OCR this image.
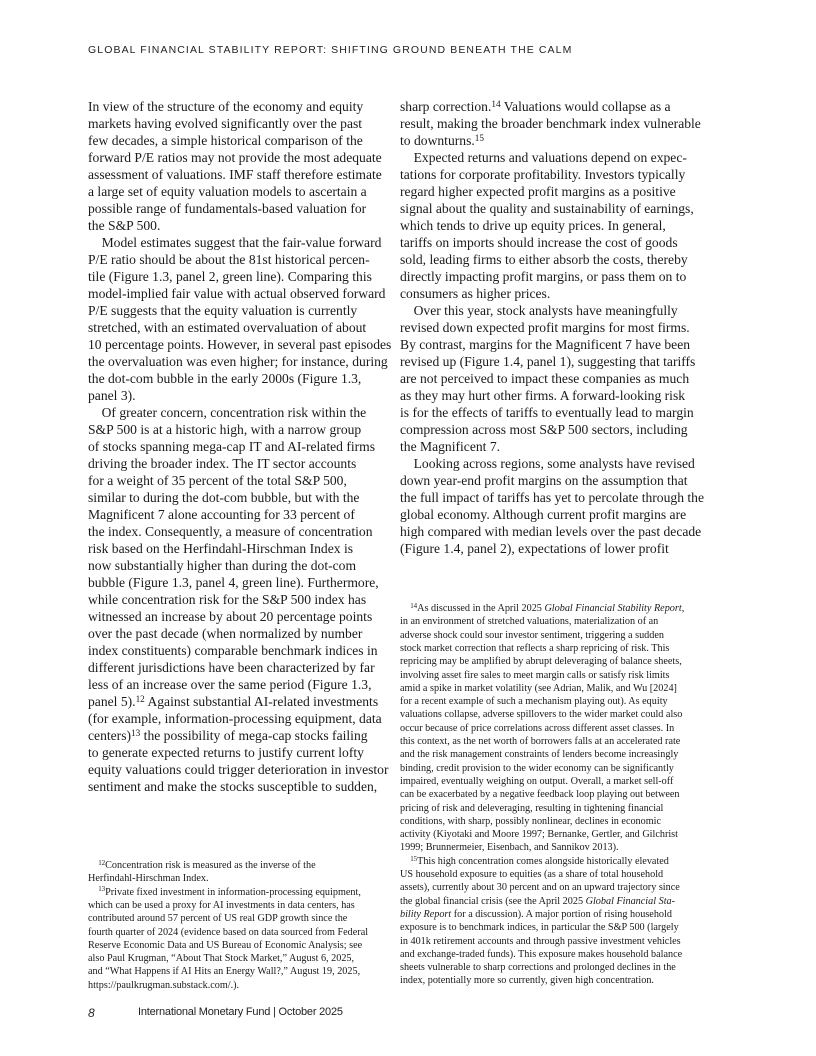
GLOBAL FINANCIAL STABILITY REPORT: SHIFTING GROUND BENEATH THE CALM
In view of the structure of the economy and equity
markets having evolved significantly over the past
few decades, a simple historical comparison of the
forward P/E ratios may not provide the most adequate
assessment of valuations. IMF staff therefore estimate
a large set of equity valuation models to ascertain a
possible range of fundamentals-based valuation for
the S&P 500.
 Model estimates suggest that the fair-value forward
P/E ratio should be about the 81st historical percen-
tile (Figure 1.3, panel 2, green line). Comparing this
model-implied fair value with actual observed forward
P/E suggests that the equity valuation is currently
stretched, with an estimated overvaluation of about
10 percentage points. However, in several past episodes
the overvaluation was even higher; for instance, during
the dot-com bubble in the early 2000s (Figure 1.3,
panel 3).
 Of greater concern, concentration risk within the
S&P 500 is at a historic high, with a narrow group
of stocks spanning mega-cap IT and AI-related firms
driving the broader index. The IT sector accounts
for a weight of 35 percent of the total S&P 500,
similar to during the dot-com bubble, but with the
Magnificent 7 alone accounting for 33 percent of
the index. Consequently, a measure of concentration
risk based on the Herfindahl-Hirschman Index is
now substantially higher than during the dot-com
bubble (Figure 1.3, panel 4, green line). Furthermore,
while concentration risk for the S&P 500 index has
witnessed an increase by about 20 percentage points
over the past decade (when normalized by number
index constituents) comparable benchmark indices in
different jurisdictions have been characterized by far
less of an increase over the same period (Figure 1.3,
panel 5).$^{12}$ Against substantial AI-related investments
(for example, information-processing equipment, data
centers)$^{13}$ the possibility of mega-cap stocks failing
to generate expected returns to justify current lofty
equity valuations could trigger deterioration in investor
sentiment and make the stocks susceptible to sudden,
sharp correction.$^{14}$ Valuations would collapse as a
result, making the broader benchmark index vulnerable
to downturns.$^{15}$
 Expected returns and valuations depend on expec-
tations for corporate profitability. Investors typically
regard higher expected profit margins as a positive
signal about the quality and sustainability of earnings,
which tends to drive up equity prices. In general,
tariffs on imports should increase the cost of goods
sold, leading firms to either absorb the costs, thereby
directly impacting profit margins, or pass them on to
consumers as higher prices.
 Over this year, stock analysts have meaningfully
revised down expected profit margins for most firms.
By contrast, margins for the Magnificent 7 have been
revised up (Figure 1.4, panel 1), suggesting that tariffs
are not perceived to impact these companies as much
as they may hurt other firms. A forward-looking risk
is for the effects of tariffs to eventually lead to margin
compression across most S&P 500 sectors, including
the Magnificent 7.
 Looking across regions, some analysts have revised
down year-end profit margins on the assumption that
the full impact of tariffs has yet to percolate through the
global economy. Although current profit margins are
high compared with median levels over the past decade
(Figure 1.4, panel 2), expectations of lower profit
 $^{12}$Concentration risk is measured as the inverse of the
Herfindahl-Hirschman Index.
 $^{13}$Private fixed investment in information-processing equipment,
which can be used a proxy for AI investments in data centers, has
contributed around 57 percent of US real GDP growth since the
fourth quarter of 2024 (evidence based on data sourced from Federal
Reserve Economic Data and US Bureau of Economic Analysis; see
also Paul Krugman, “About That Stock Market,” August 6, 2025,
and “What Happens if AI Hits an Energy Wall?,” August 19, 2025,
https://paulkrugman.substack.com/.).
 $^{14}$As discussed in the April 2025 Global Financial Stability Report,
in an environment of stretched valuations, materialization of an
adverse shock could sour investor sentiment, triggering a sudden
stock market correction that reflects a sharp repricing of risk. This
repricing may be amplified by abrupt deleveraging of balance sheets,
involving asset fire sales to meet margin calls or satisfy risk limits
amid a spike in market volatility (see Adrian, Malik, and Wu [2024]
for a recent example of such a mechanism playing out). As equity
valuations collapse, adverse spillovers to the wider market could also
occur because of price correlations across different asset classes. In
this context, as the net worth of borrowers falls at an accelerated rate
and the risk management constraints of lenders become increasingly
binding, credit provision to the wider economy can be significantly
impaired, eventually weighing on output. Overall, a market sell-off
can be exacerbated by a negative feedback loop playing out between
pricing of risk and deleveraging, resulting in tightening financial
conditions, with sharp, possibly nonlinear, declines in economic
activity (Kiyotaki and Moore 1997; Bernanke, Gertler, and Gilchrist
1999; Brunnermeier, Eisenbach, and Sannikov 2013).
 $^{15}$This high concentration comes alongside historically elevated
US household exposure to equities (as a share of total household
assets), currently about 30 percent and on an upward trajectory since
the global financial crisis (see the April 2025 Global Financial Sta-
bility Report for a discussion). A major portion of rising household
exposure is to benchmark indices, in particular the S&P 500 (largely
in 401k retirement accounts and through passive investment vehicles
and exchange-traded funds). This exposure makes household balance
sheets vulnerable to sharp corrections and prolonged declines in the
index, potentially more so currently, given high concentration.
8	International Monetary Fund | October 2025
